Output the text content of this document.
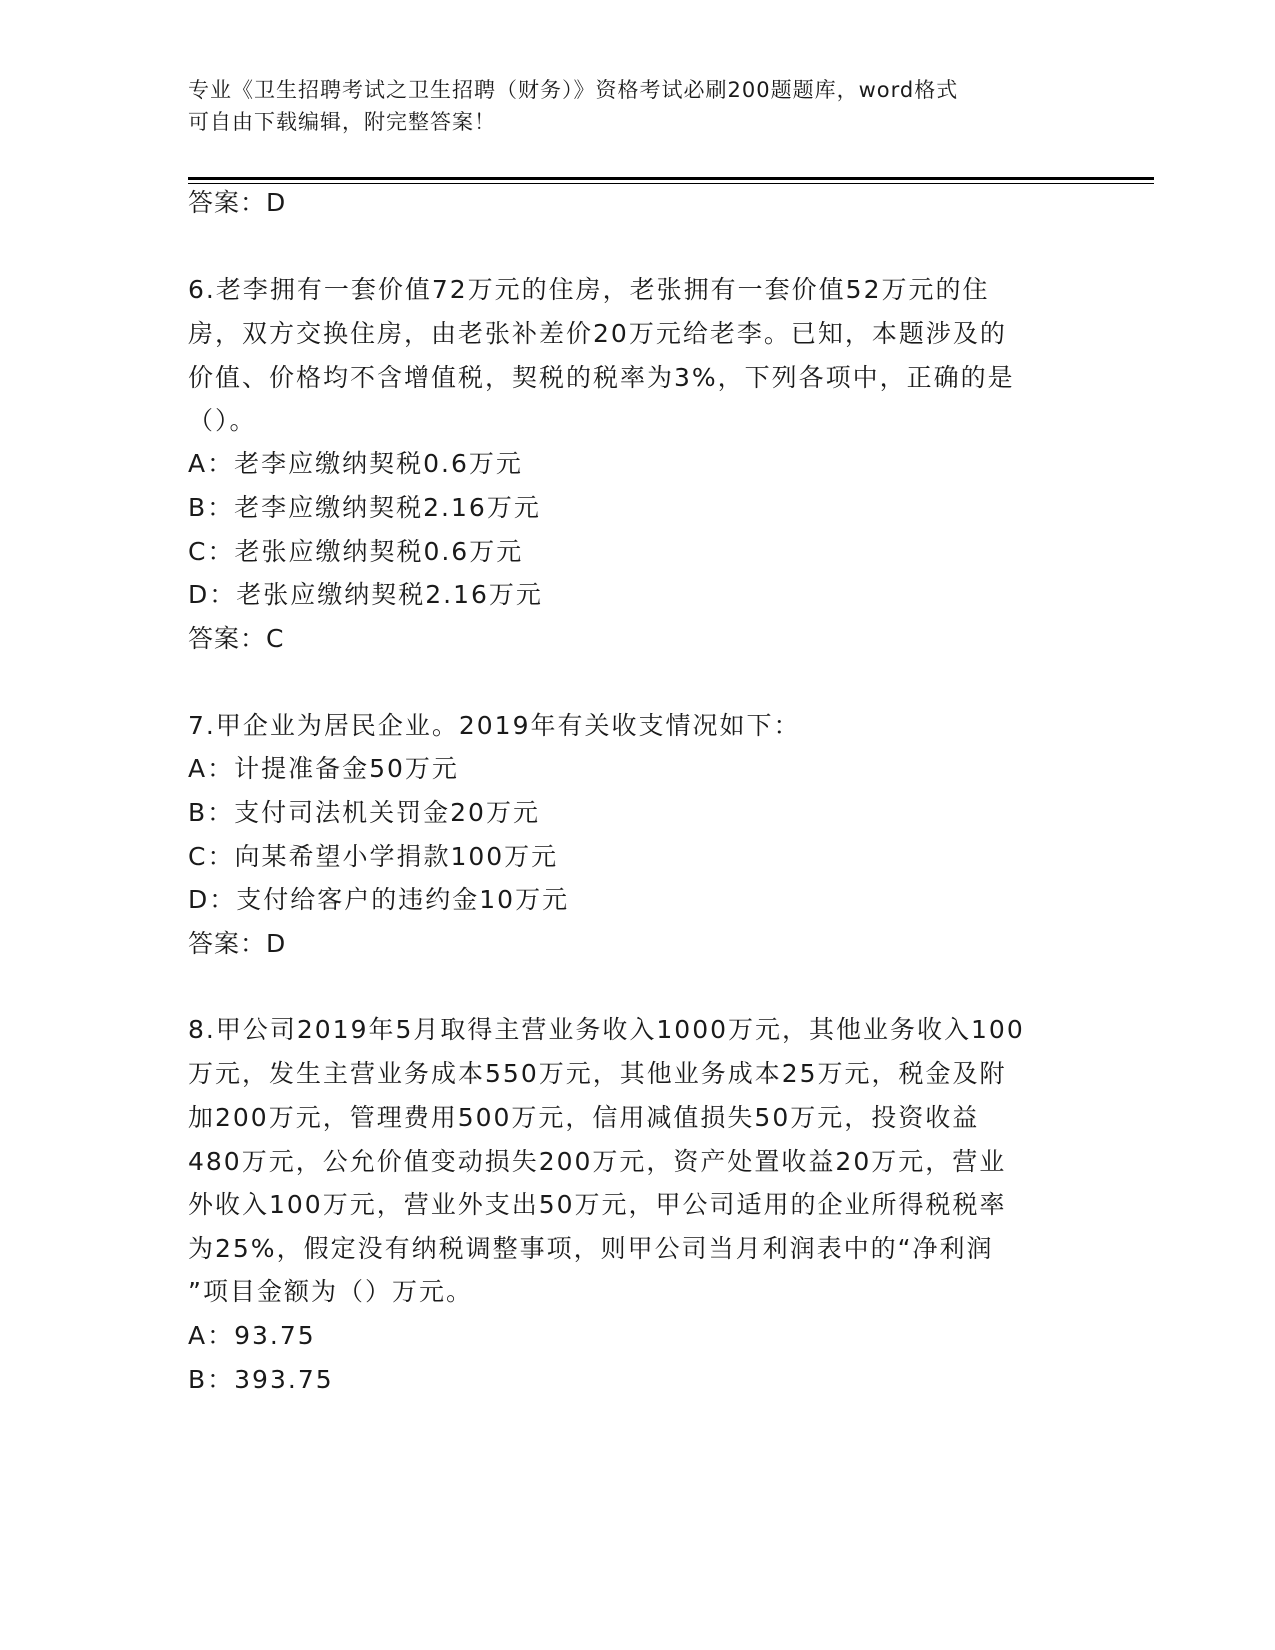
专业《卫生招聘考试之卫生招聘（财务）》资格考试必刷200题题库，word格式
可自由下载编辑，附完整答案！
答案：D
6.老李拥有一套价值72万元的住房，老张拥有一套价值52万元的住
房，双方交换住房，由老张补差价20万元给老李。已知，本题涉及的
价值、价格均不含增值税，契税的税率为3%，下列各项中，正确的是
（）。
A：老李应缴纳契税0.6万元
B：老李应缴纳契税2.16万元
C：老张应缴纳契税0.6万元
D：老张应缴纳契税2.16万元
答案：C
7.甲企业为居民企业。2019年有关收支情况如下：
A：计提准备金50万元
B：支付司法机关罚金20万元
C：向某希望小学捐款100万元
D：支付给客户的违约金10万元
答案：D
8.甲公司2019年5月取得主营业务收入1000万元，其他业务收入100
万元，发生主营业务成本550万元，其他业务成本25万元，税金及附
加200万元，管理费用500万元，信用减值损失50万元，投资收益
480万元，公允价值变动损失200万元，资产处置收益20万元，营业
外收入100万元，营业外支出50万元，甲公司适用的企业所得税税率
为25%，假定没有纳税调整事项，则甲公司当月利润表中的“净利润
”项目金额为（）万元。
A：93.75
B：393.75
